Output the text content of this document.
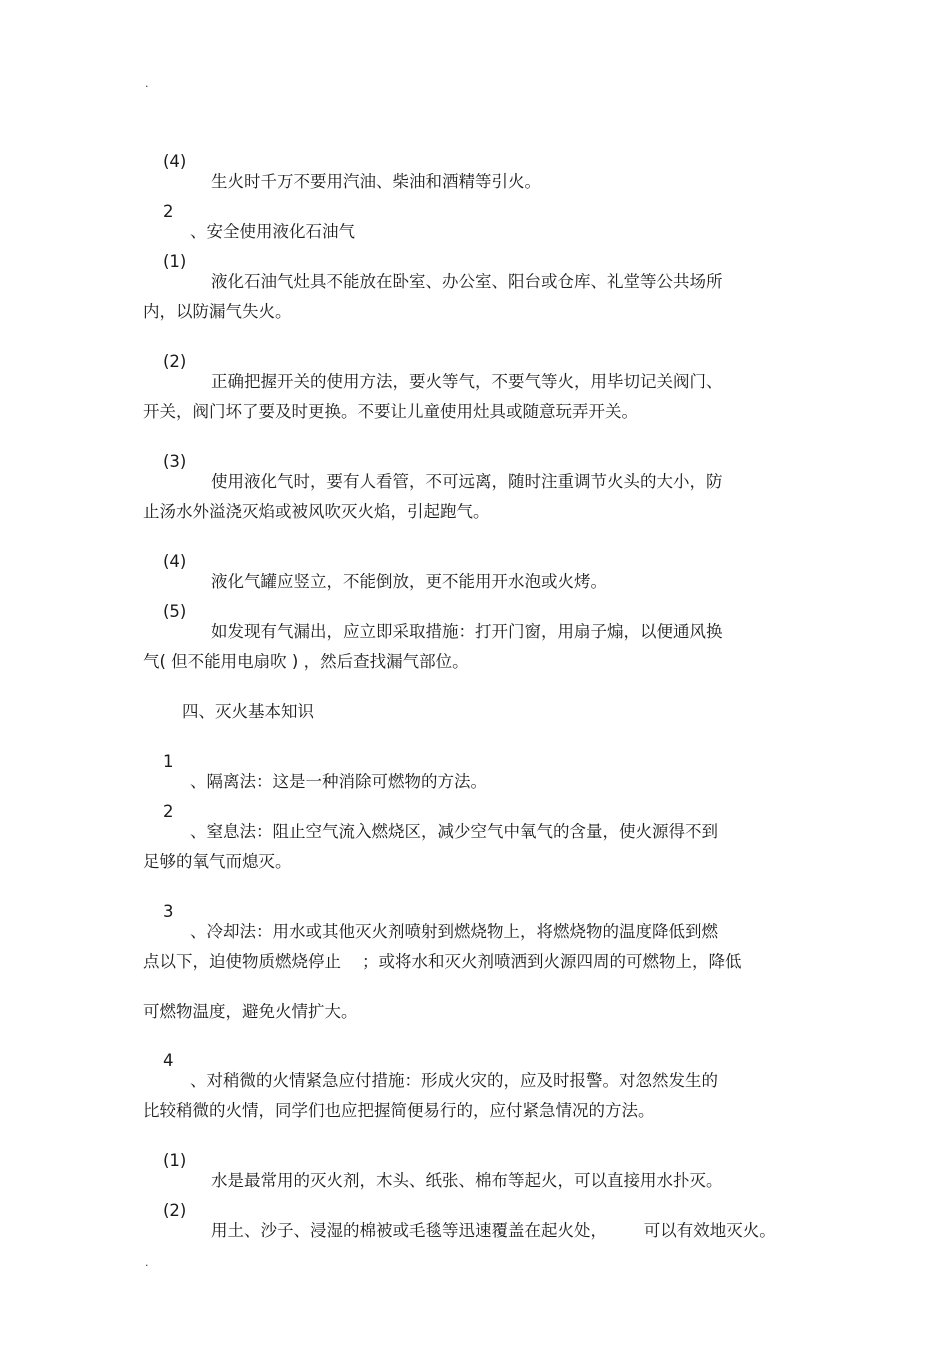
.

(4)

生火时千万不要用汽油、柴油和酒精等引火。

2

、安全使用液化石油气

(1)

液化石油气灶具不能放在卧室、办公室、阳台或仓库、礼堂等公共场所

内，以防漏气失火。

(2)

正确把握开关的使用方法，要火等气，不要气等火，用毕切记关阀门、

开关，阀门坏了要及时更换。不要让儿童使用灶具或随意玩弄开关。

(3)

使用液化气时，要有人看管，不可远离，随时注重调节火头的大小，防

止汤水外溢浇灭焰或被风吹灭火焰，引起跑气。

(4)

液化气罐应竖立，不能倒放，更不能用开水泡或火烤。

(5)

如发现有气漏出，应立即采取措施：打开门窗，用扇子煽，以便通风换

气( 但不能用电扇吹 ) ，然后查找漏气部位。

四、灭火基本知识

1

、隔离法：这是一种消除可燃物的方法。

2

、窒息法：阻止空气流入燃烧区，减少空气中氧气的含量，使火源得不到

足够的氧气而熄灭。

3

、冷却法：用水或其他灭火剂喷射到燃烧物上，将燃烧物的温度降低到燃

点以下，迫使物质燃烧停止    ；或将水和灭火剂喷洒到火源四周的可燃物上，降低

可燃物温度，避免火情扩大。

4

、对稍微的火情紧急应付措施：形成火灾的，应及时报警。对忽然发生的

比较稍微的火情，同学们也应把握简便易行的，应付紧急情况的方法。

(1)

水是最常用的灭火剂，木头、纸张、棉布等起火，可以直接用水扑灭。

(2)

用土、沙子、浸湿的棉被或毛毯等迅速覆盖在起火处，       可以有效地灭火。

.
